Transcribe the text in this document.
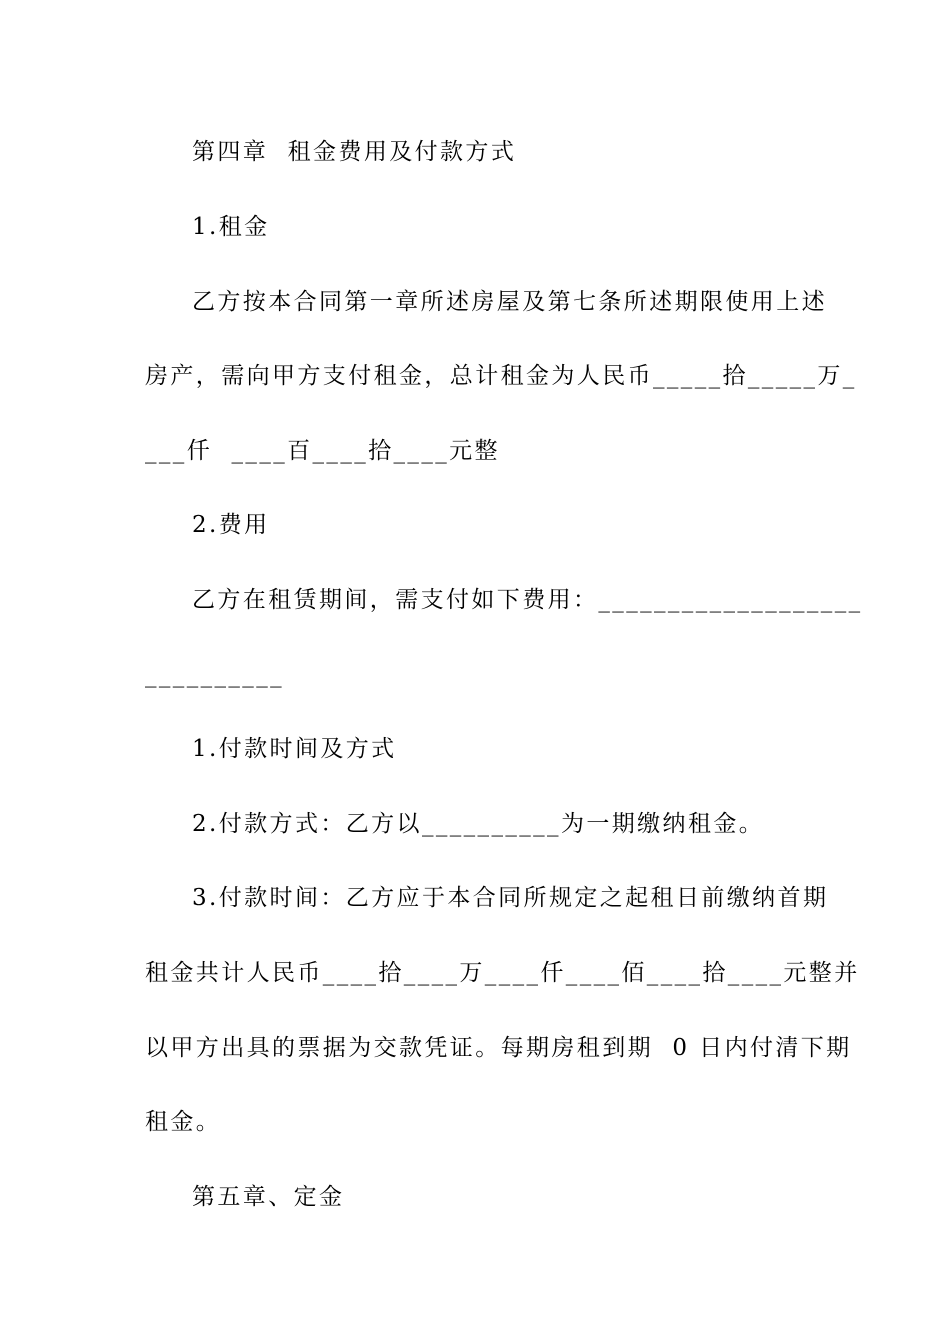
第四章  租金费用及付款方式
1.租金
乙方按本合同第一章所述房屋及第七条所述期限使用上述
房产，需向甲方支付租金，总计租金为人民币_____拾_____万_
___仟  ____百____拾____元整
2.费用
乙方在租赁期间，需支付如下费用：___________________
__________
1.付款时间及方式
2.付款方式：乙方以__________为一期缴纳租金。
3.付款时间：乙方应于本合同所规定之起租日前缴纳首期
租金共计人民币____拾____万____仟____佰____拾____元整并
以甲方出具的票据为交款凭证。每期房租到期  0 日内付清下期
租金。
第五章、定金
